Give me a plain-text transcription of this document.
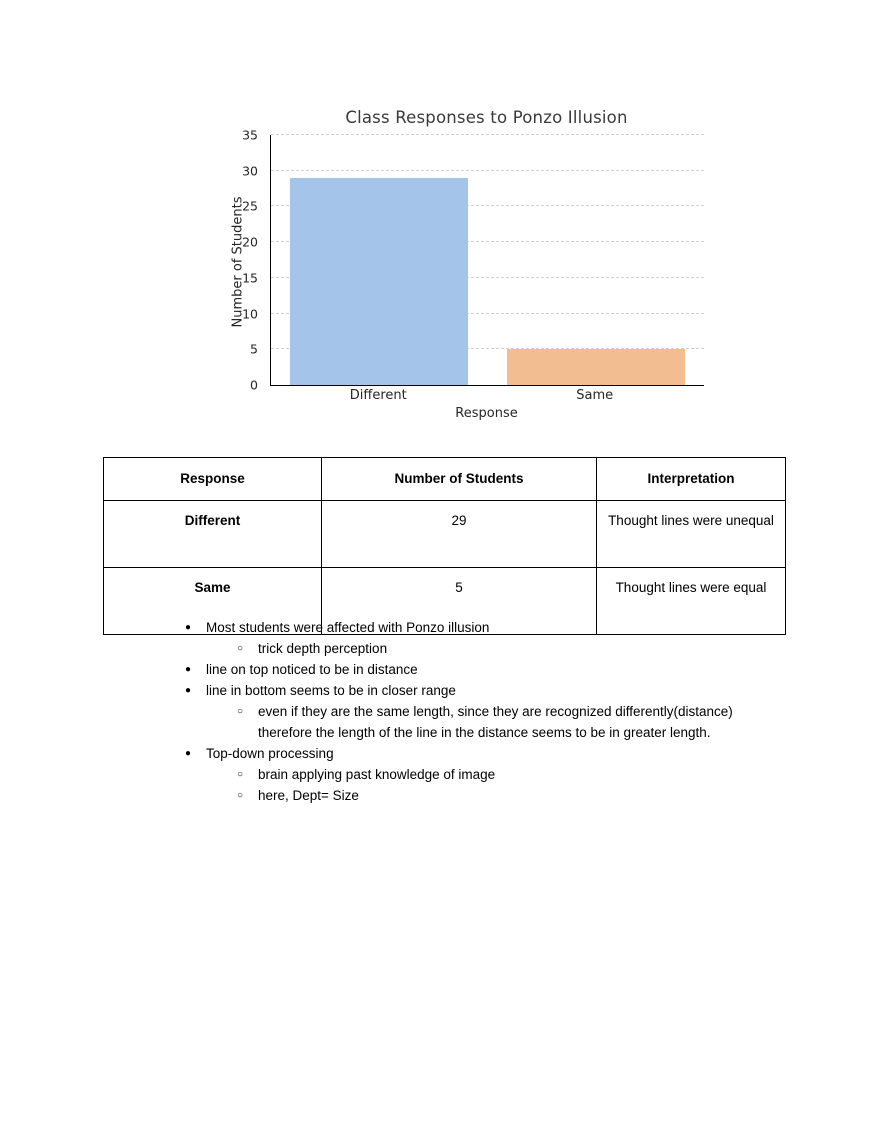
Class Responses to Ponzo Illusion
Number of Students
0
5
10
15
20
25
30
35
Different	Same
Response
Response	Number of Students	Interpretation
Different	29	Thought lines were unequal
Same	5	Thought lines were equal
●	Most students were affected with Ponzo illusion
○	trick depth perception
●	line on top noticed to be in distance
●	line in bottom seems to be in closer range
○	even if they are the same length, since they are recognized differently(distance) therefore the length of the line in the distance seems to be in greater length.
●	Top-down processing
○	brain applying past knowledge of image
○	here, Dept= Size
